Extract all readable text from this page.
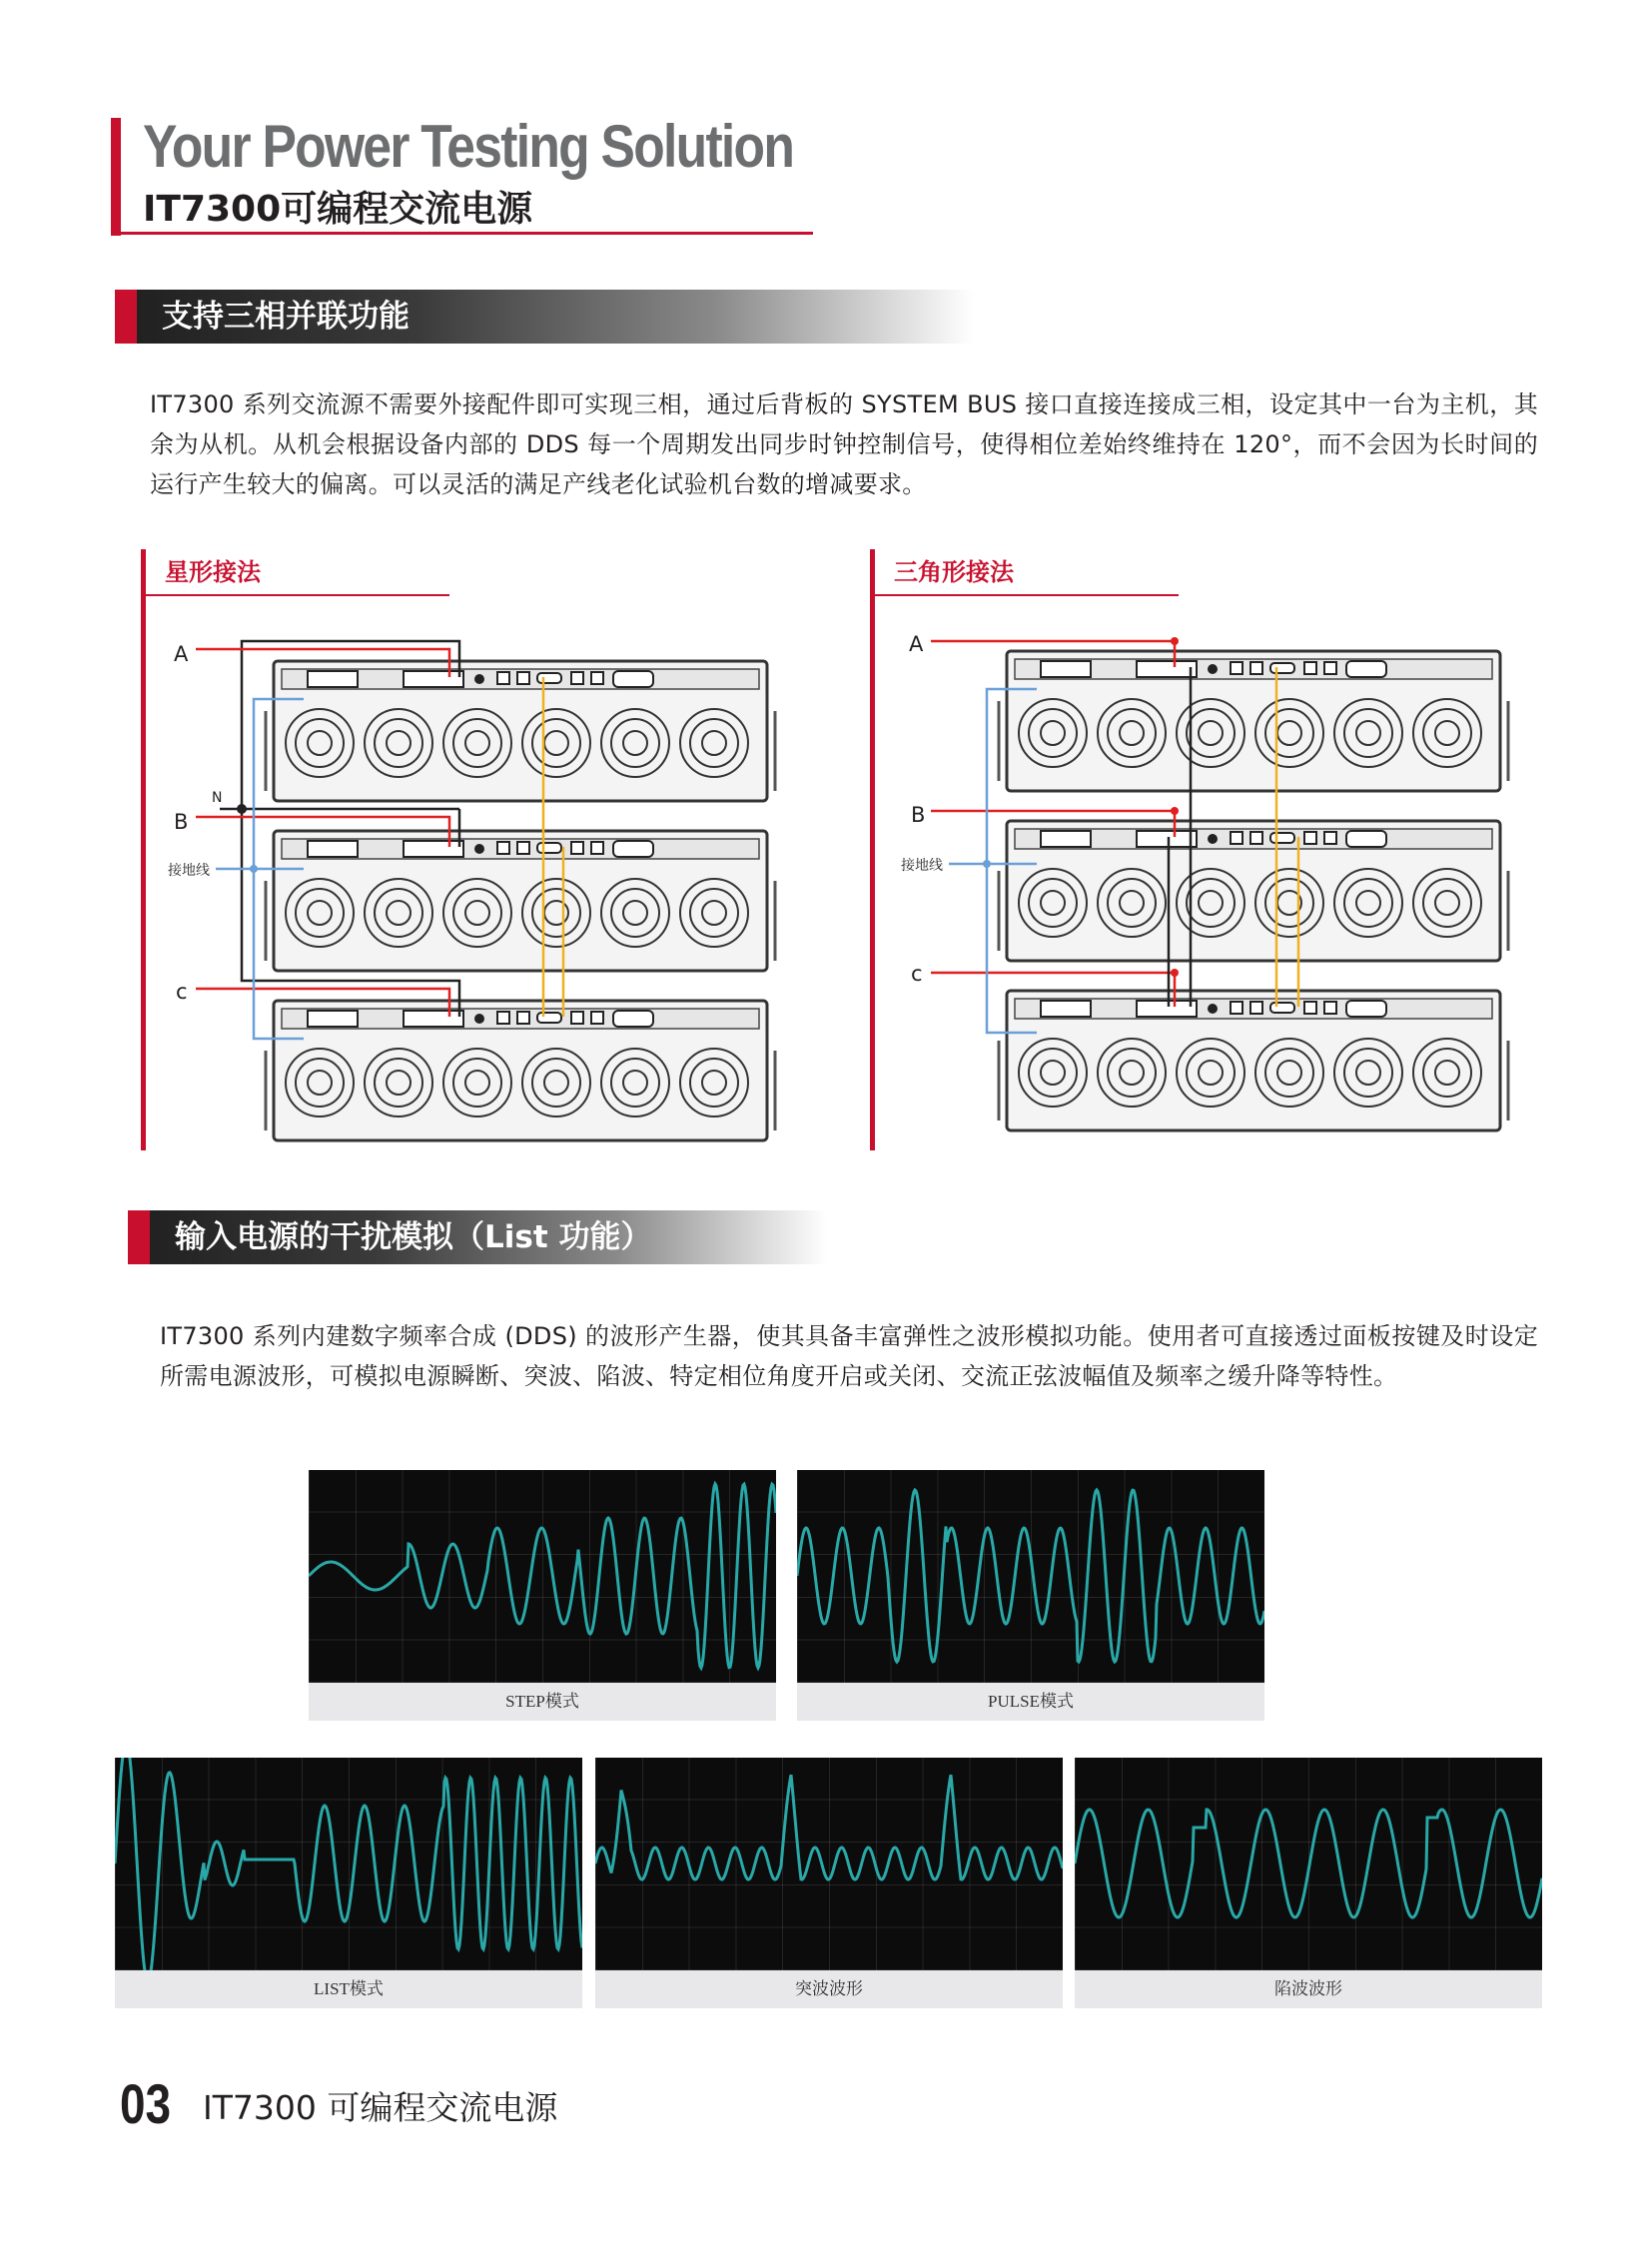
Your Power Testing Solution
IT7300可编程交流电源
支持三相并联功能
IT7300 系列交流源不需要外接配件即可实现三相，通过后背板的 SYSTEM BUS 接口直接连接成三相，设定其中一台为主机，其余为从机。从机会根据设备内部的 DDS 每一个周期发出同步时钟控制信号，使得相位差始终维持在 120°，而不会因为长时间的运行产生较大的偏离。可以灵活的满足产线老化试验机台数的增减要求。
星形接法
A
N
B
接地线
c
三角形接法
A
B
接地线
c
输入电源的干扰模拟（List 功能）
IT7300 系列内建数字频率合成 (DDS) 的波形产生器，使其具备丰富弹性之波形模拟功能。使用者可直接透过面板按键及时设定所需电源波形，可模拟电源瞬断、突波、陷波、特定相位角度开启或关闭、交流正弦波幅值及频率之缓升降等特性。
STEP模式	PULSE模式
LIST模式	突波波形	陷波波形
03 IT7300 可编程交流电源
